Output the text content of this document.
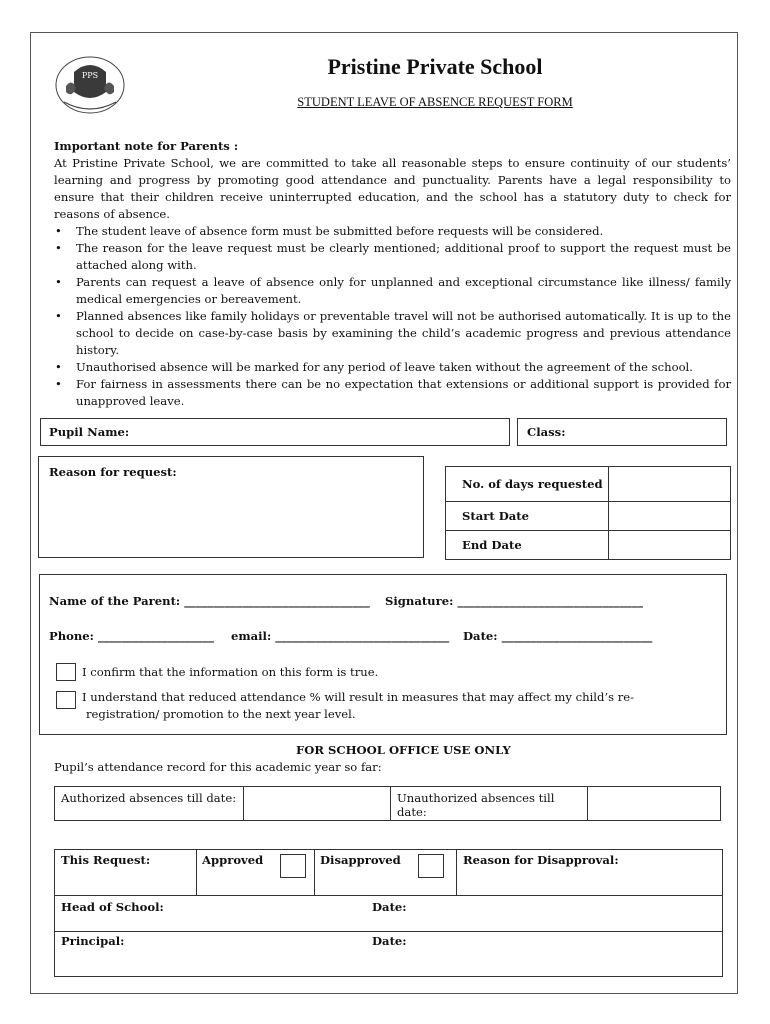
PPS	Pristine Private School
STUDENT LEAVE OF ABSENCE REQUEST FORM
Important note for Parents :

At Pristine Private School, we are committed to take all reasonable steps to ensure continuity of our students’ learning and progress by promoting good attendance and punctuality. Parents have a legal responsibility to ensure that their children receive uninterrupted education, and the school has a statutory duty to check for reasons of absence.

• The student leave of absence form must be submitted before requests will be considered.
• The reason for the leave request must be clearly mentioned; additional proof to support the request must be attached along with.
• Parents can request a leave of absence only for unplanned and exceptional circumstance like illness/ family medical emergencies or bereavement.
• Planned absences like family holidays or preventable travel will not be authorised automatically. It is up to the school to decide on case-by-case basis by examining the child’s academic progress and previous attendance history.
• Unauthorised absence will be marked for any period of leave taken without the agreement of the school.
• For fairness in assessments there can be no expectation that extensions or additional support is provided for unapproved leave.
Pupil Name:	Class:
Reason for request:
No. of days requested	
Start Date	
End Date	
Name of the Parent: ________________________________ Signature: ________________________________
Phone: ____________________ email: ______________________________ Date: __________________________
I confirm that the information on this form is true.
I understand that reduced attendance % will result in measures that may affect my child’s re-
registration/ promotion to the next year level.
FOR SCHOOL OFFICE USE ONLY
Pupil’s attendance record for this academic year so far:
Authorized absences till date:		Unauthorized absences till date:	
This Request:	Approved	Disapproved	Reason for Disapproval:
Head of School:	Date:
Principal:	Date:
